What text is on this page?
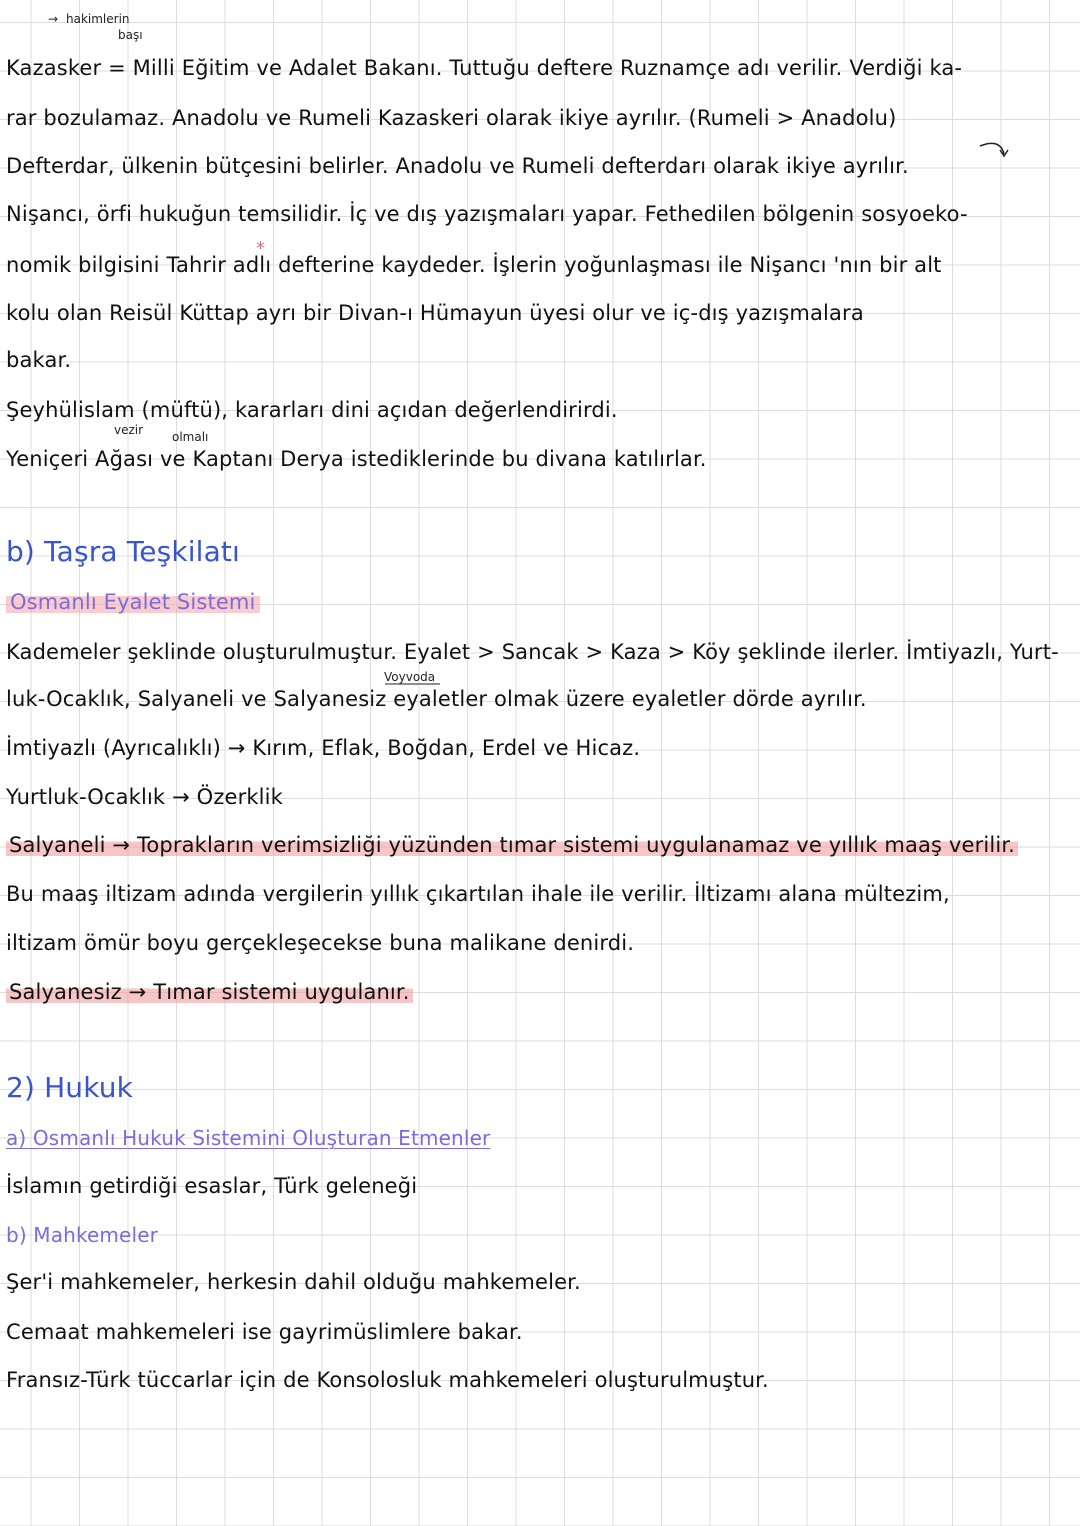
→ hakimlerin
başı
Kazasker = Milli Eğitim ve Adalet Bakanı. Tuttuğu deftere Ruznamçe adı verilir. Verdiği ka-
rar bozulamaz. Anadolu ve Rumeli Kazaskeri olarak ikiye ayrılır. (Rumeli > Anadolu)
Defterdar, ülkenin bütçesini belirler. Anadolu ve Rumeli defterdarı olarak ikiye ayrılır.
Nişancı, örfi hukuğun temsilidir. İç ve dış yazışmaları yapar. Fethedilen bölgenin sosyoeko-
*
nomik bilgisini Tahrir adlı defterine kaydeder. İşlerin yoğunlaşması ile Nişancı 'nın bir alt
kolu olan Reisül Küttap ayrı bir Divan-ı Hümayun üyesi olur ve iç-dış yazışmalara
bakar.
Şeyhülislam (müftü), kararları dini açıdan değerlendirirdi.
vezir olmalı
Yeniçeri Ağası ve Kaptanı Derya istediklerinde bu divana katılırlar.
b) Taşra Teşkilatı
Osmanlı Eyalet Sistemi
Kademeler şeklinde oluşturulmuştur. Eyalet > Sancak > Kaza > Köy şeklinde ilerler. İmtiyazlı, Yurt-
Voyvoda
luk-Ocaklık, Salyaneli ve Salyanesiz eyaletler olmak üzere eyaletler dörde ayrılır.
İmtiyazlı (Ayrıcalıklı) → Kırım, Eflak, Boğdan, Erdel ve Hicaz.
Yurtluk-Ocaklık → Özerklik
Salyaneli → Toprakların verimsizliği yüzünden tımar sistemi uygulanamaz ve yıllık maaş verilir.
Bu maaş iltizam adında vergilerin yıllık çıkartılan ihale ile verilir. İltizamı alana mültezim,
iltizam ömür boyu gerçekleşecekse buna malikane denirdi.
Salyanesiz → Tımar sistemi uygulanır.
2) Hukuk
a) Osmanlı Hukuk Sistemini Oluşturan Etmenler
İslamın getirdiği esaslar, Türk geleneği
b) Mahkemeler
Şer'i mahkemeler, herkesin dahil olduğu mahkemeler.
Cemaat mahkemeleri ise gayrimüslimlere bakar.
Fransız-Türk tüccarlar için de Konsolosluk mahkemeleri oluşturulmuştur.
